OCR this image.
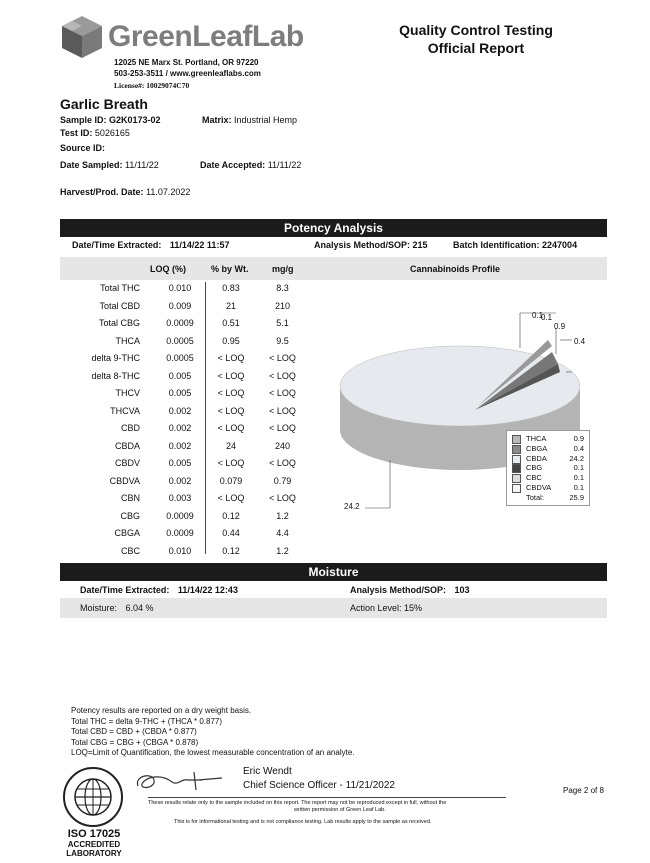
GreenLeafLab
12025 NE Marx St. Portland, OR 97220
503-253-3511 / www.greenleaflabs.com
License#: 10029074C70
Quality Control Testing
Official Report
Garlic Breath
Sample ID: G2K0173-02	Matrix: Industrial Hemp
Test ID: 5026165
Source ID:
Date Sampled: 11/11/22	Date Accepted: 11/11/22
Harvest/Prod. Date: 11.07.2022
Potency Analysis
Date/Time Extracted: 11/14/22 11:57	Analysis Method/SOP: 215	Batch Identification: 2247004
LOQ (%)	% by Wt.	mg/g	Cannabinoids Profile
Total THC	0.010	0.83	8.3
Total CBD	0.009	21	210
Total CBG	0.0009	0.51	5.1
THCA	0.0005	0.95	9.5
delta 9-THC	0.0005	< LOQ	< LOQ
delta 8-THC	0.005	< LOQ	< LOQ
THCV	0.005	< LOQ	< LOQ
THCVA	0.002	< LOQ	< LOQ
CBD	0.002	< LOQ	< LOQ
CBDA	0.002	24	240
CBDV	0.005	< LOQ	< LOQ
CBDVA	0.002	0.079	0.79
CBN	0.003	< LOQ	< LOQ
CBG	0.0009	0.12	1.2
CBGA	0.0009	0.44	4.4
CBC	0.010	0.12	1.2
0.1
0.1
0.9
0.4
24.2
THCA	0.9
CBGA	0.4
CBDA	24.2
CBG	0.1
CBC	0.1
CBDVA	0.1
Total:	25.9
Moisture
Date/Time Extracted: 11/14/22 12:43	Analysis Method/SOP: 103
Moisture: 6.04 %	Action Level: 15%
Potency results are reported on a dry weight basis.
Total THC = delta 9-THC + (THCA * 0.877)
Total CBD = CBD + (CBDA * 0.877)
Total CBG = CBG + (CBGA * 0.878)
LOQ=Limit of Quantification, the lowest measurable concentration of an analyte.
ISO 17025
ACCREDITED
LABORATORY
Eric Wendt
Chief Science Officer - 11/21/2022
These results relate only to the sample included on this report. The report may not be reproduced except in full, without the
written permission of Green Leaf Lab.
This is for informational testing and is not compliance testing. Lab results apply to the sample as received.
Page 2 of 8
